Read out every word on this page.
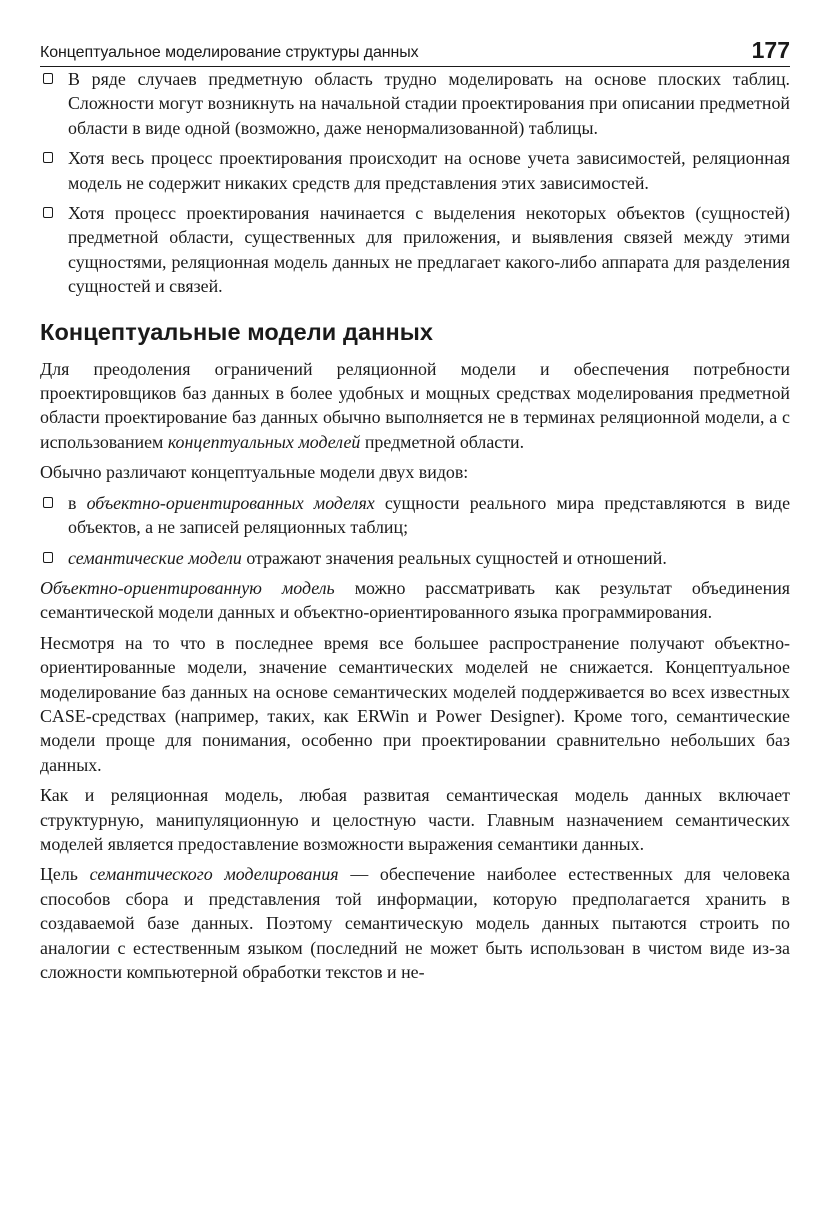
Концептуальное моделирование структуры данных	177
В ряде случаев предметную область трудно моделировать на основе плоских таблиц. Сложности могут возникнуть на начальной стадии проектирования при описании предметной области в виде одной (возможно, даже ненормализованной) таблицы.
Хотя весь процесс проектирования происходит на основе учета зависимостей, реляционная модель не содержит никаких средств для представления этих зависимостей.
Хотя процесс проектирования начинается с выделения некоторых объектов (сущностей) предметной области, существенных для приложения, и выявления связей между этими сущностями, реляционная модель данных не предлагает какого-либо аппарата для разделения сущностей и связей.
Концептуальные модели данных

Для преодоления ограничений реляционной модели и обеспечения потребности проектировщиков баз данных в более удобных и мощных средствах моделирования предметной области проектирование баз данных обычно выполняется не в терминах реляционной модели, а с использованием концептуальных моделей предметной области.

Обычно различают концептуальные модели двух видов:

в объектно-ориентированных моделях сущности реального мира представляются в виде объектов, а не записей реляционных таблиц;
семантические модели отражают значения реальных сущностей и отношений.

Объектно-ориентированную модель можно рассматривать как результат объединения семантической модели данных и объектно-ориентированного языка программирования.

Несмотря на то что в последнее время все большее распространение получают объектно-ориентированные модели, значение семантических моделей не снижается. Концептуальное моделирование баз данных на основе семантических моделей поддерживается во всех известных CASE-средствах (например, таких, как ERWin и Power Designer). Кроме того, семантические модели проще для понимания, особенно при проектировании сравнительно небольших баз данных.

Как и реляционная модель, любая развитая семантическая модель данных включает структурную, манипуляционную и целостную части. Главным назначением семантических моделей является предоставление возможности выражения семантики данных.

Цель семантического моделирования — обеспечение наиболее естественных для человека способов сбора и представления той информации, которую предполагается хранить в создаваемой базе данных. Поэтому семантическую модель данных пытаются строить по аналогии с естественным языком (последний не может быть использован в чистом виде из-за сложности компьютерной обработки текстов и не-
